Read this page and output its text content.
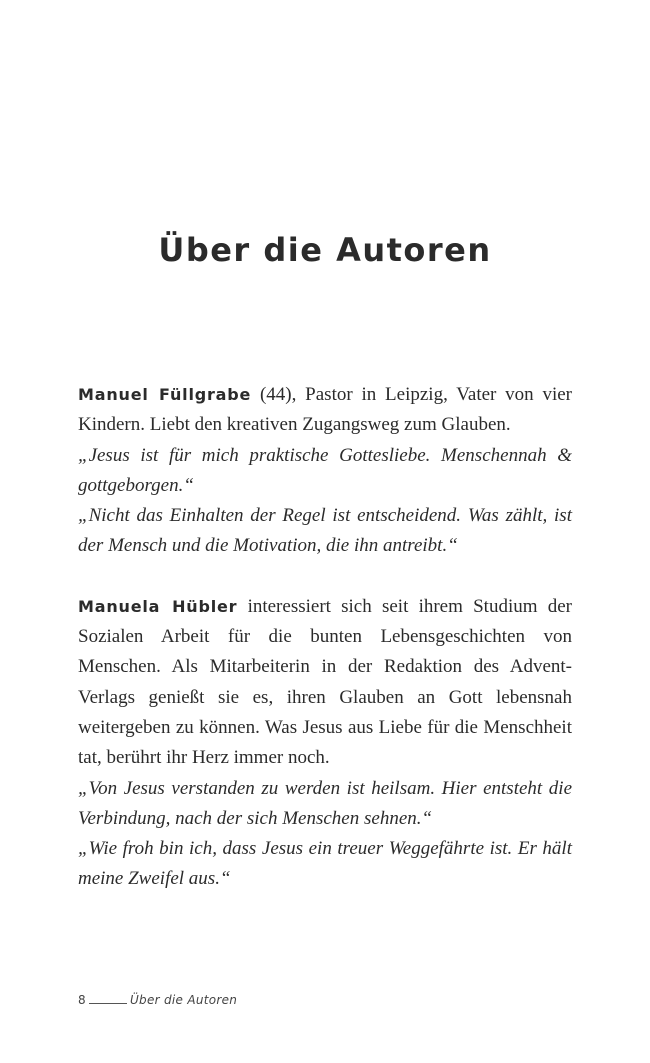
Über die Autoren

Manuel Füllgrabe (44), Pastor in Leipzig, Vater von vier Kindern. Liebt den kreativen Zugangsweg zum Glauben.

„Jesus ist für mich praktische Gottesliebe. Menschennah & gottgeborgen.“

„Nicht das Einhalten der Regel ist entscheidend. Was zählt, ist der Mensch und die Motivation, die ihn antreibt.“

Manuela Hübler interessiert sich seit ihrem Studium der Sozialen Arbeit für die bunten Lebensgeschichten von Menschen. Als Mitarbeiterin in der Redaktion des Advent-Verlags genießt sie es, ihren Glauben an Gott lebensnah weitergeben zu können. Was Jesus aus Liebe für die Menschheit tat, berührt ihr Herz immer noch.

„Von Jesus verstanden zu werden ist heilsam. Hier entsteht die Verbindung, nach der sich Menschen sehnen.“

„Wie froh bin ich, dass Jesus ein treuer Weggefährte ist. Er hält meine Zweifel aus.“

8	Über die Autoren
